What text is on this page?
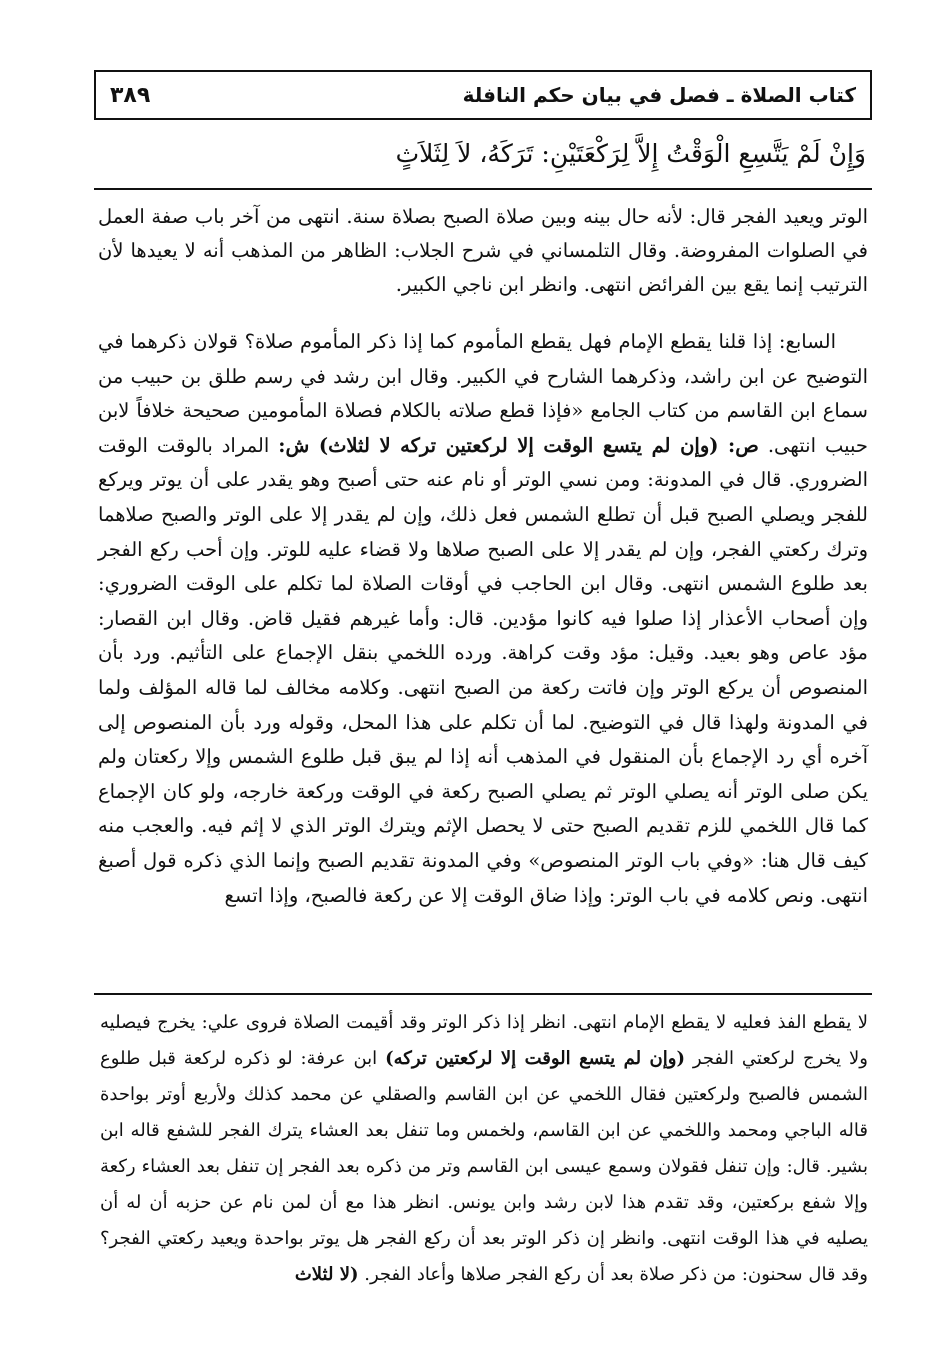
كتاب الصلاة ـ فصل في بيان حكم النافلة
٣٨٩
وَإِنْ لَمْ يَتَّسِعِ الْوَقْتُ إِلاَّ لِرَكْعَتَيْنِ: تَرَكَهُ، لاَ لِثَلاَثٍ
الوتر ويعيد الفجر قال: لأنه حال بينه وبين صلاة الصبح بصلاة سنة. انتهى من آخر باب صفة العمل في الصلوات المفروضة. وقال التلمساني في شرح الجلاب: الظاهر من المذهب أنه لا يعيدها لأن الترتيب إنما يقع بين الفرائض انتهى. وانظر ابن ناجي الكبير.
السابع: إذا قلنا يقطع الإمام فهل يقطع المأموم كما إذا ذكر المأموم صلاة؟ قولان ذكرهما في التوضيح عن ابن راشد، وذكرهما الشارح في الكبير. وقال ابن رشد في رسم طلق بن حبيب من سماع ابن القاسم من كتاب الجامع «فإذا قطع صلاته بالكلام فصلاة المأمومين صحيحة خلافاً لابن حبيب انتهى. ص: (وإن لم يتسع الوقت إلا لركعتين تركه لا لثلاث) ش: المراد بالوقت الوقت الضروري. قال في المدونة: ومن نسي الوتر أو نام عنه حتى أصبح وهو يقدر على أن يوتر ويركع للفجر ويصلي الصبح قبل أن تطلع الشمس فعل ذلك، وإن لم يقدر إلا على الوتر والصبح صلاهما وترك ركعتي الفجر، وإن لم يقدر إلا على الصبح صلاها ولا قضاء عليه للوتر. وإن أحب ركع الفجر بعد طلوع الشمس انتهى. وقال ابن الحاجب في أوقات الصلاة لما تكلم على الوقت الضروري: وإن أصحاب الأعذار إذا صلوا فيه كانوا مؤدين. قال: وأما غيرهم فقيل قاض. وقال ابن القصار: مؤد عاص وهو بعيد. وقيل: مؤد وقت كراهة. ورده اللخمي بنقل الإجماع على التأثيم. ورد بأن المنصوص أن يركع الوتر وإن فاتت ركعة من الصبح انتهى. وكلامه مخالف لما قاله المؤلف ولما في المدونة ولهذا قال في التوضيح. لما أن تكلم على هذا المحل، وقوله ورد بأن المنصوص إلى آخره أي رد الإجماع بأن المنقول في المذهب أنه إذا لم يبق قبل طلوع الشمس وإلا ركعتان ولم يكن صلى الوتر أنه يصلي الوتر ثم يصلي الصبح ركعة في الوقت وركعة خارجه، ولو كان الإجماع كما قال اللخمي للزم تقديم الصبح حتى لا يحصل الإثم ويترك الوتر الذي لا إثم فيه. والعجب منه كيف قال هنا: «وفي باب الوتر المنصوص» وفي المدونة تقديم الصبح وإنما الذي ذكره قول أصبغ انتهى. ونص كلامه في باب الوتر: وإذا ضاق الوقت إلا عن ركعة فالصبح، وإذا اتسع
لا يقطع الفذ فعليه لا يقطع الإمام انتهى. انظر إذا ذكر الوتر وقد أقيمت الصلاة فروى علي: يخرج فيصليه ولا يخرج لركعتي الفجر (وإن لم يتسع الوقت إلا لركعتين تركه) ابن عرفة: لو ذكره لركعة قبل طلوع الشمس فالصبح ولركعتين فقال اللخمي عن ابن القاسم والصقلي عن محمد كذلك ولأربع أوتر بواحدة قاله الباجي ومحمد واللخمي عن ابن القاسم، ولخمس وما تنفل بعد العشاء يترك الفجر للشفع قاله ابن بشير. قال: وإن تنفل فقولان وسمع عيسى ابن القاسم وتر من ذكره بعد الفجر إن تنفل بعد العشاء ركعة وإلا شفع بركعتين، وقد تقدم هذا لابن رشد وابن يونس. انظر هذا مع أن لمن نام عن حزبه أن له أن يصليه في هذا الوقت انتهى. وانظر إن ذكر الوتر بعد أن ركع الفجر هل يوتر بواحدة ويعيد ركعتي الفجر؟ وقد قال سحنون: من ذكر صلاة بعد أن ركع الفجر صلاها وأعاد الفجر. (لا لثلاث
